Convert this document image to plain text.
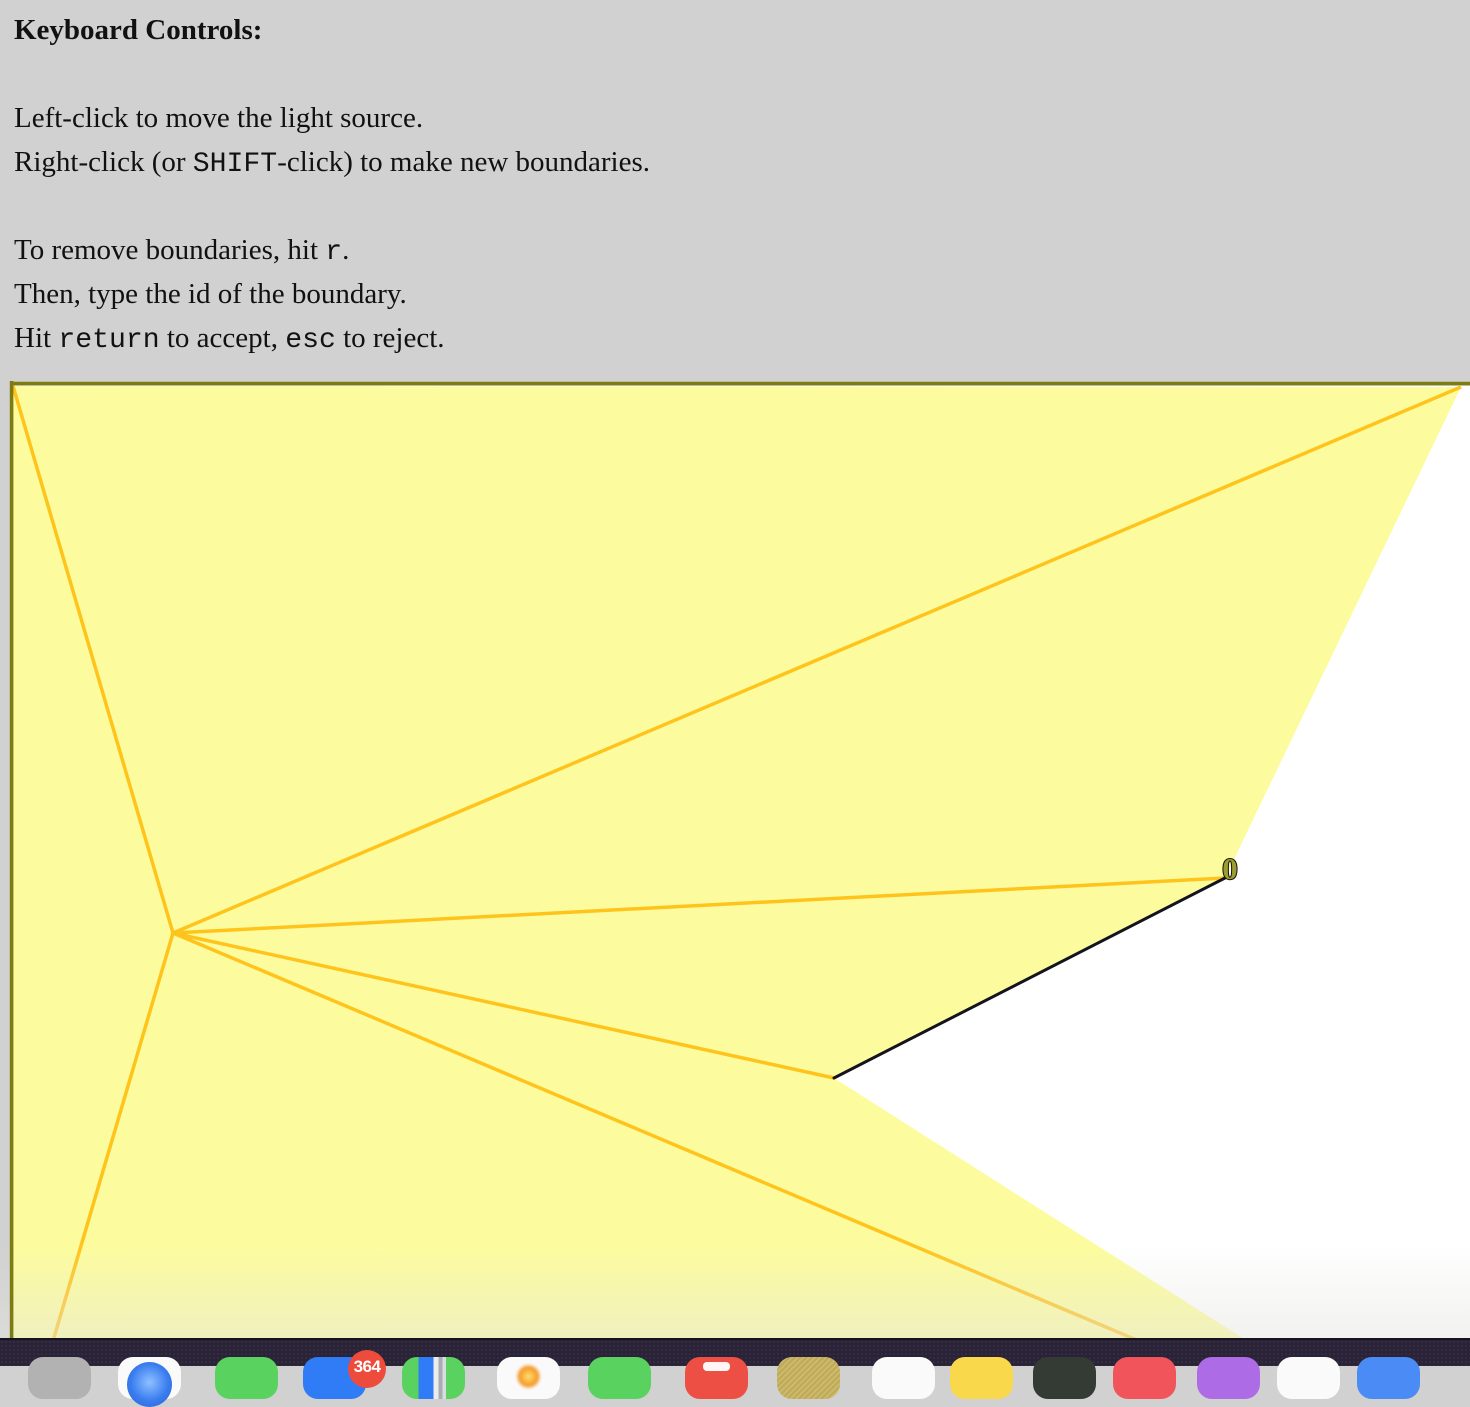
Keyboard Controls:
Left-click to move the light source.
Right-click (or SHIFT-click) to make new boundaries.
To remove boundaries, hit r.
Then, type the id of the boundary.
Hit return to accept, esc to reject.
0
364
